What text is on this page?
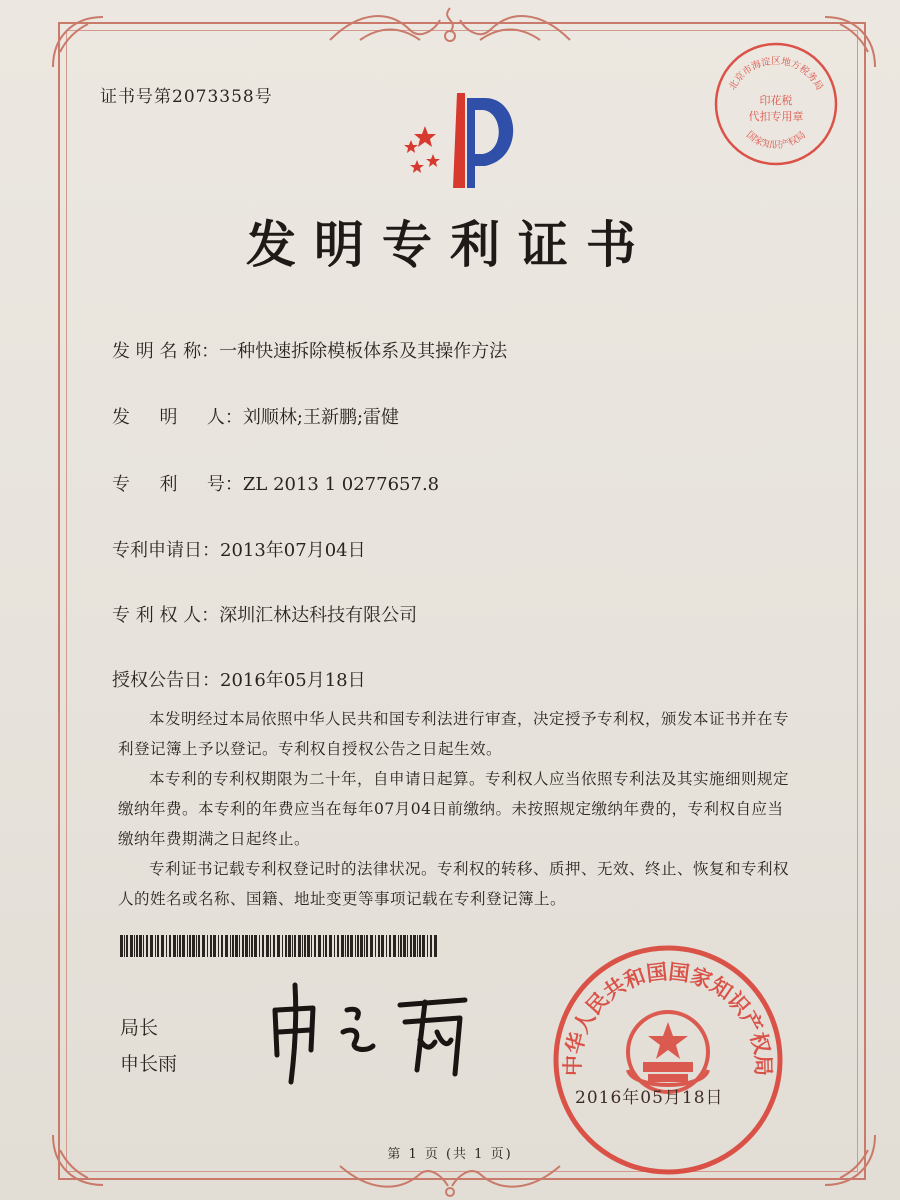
证书号第2073358号
发明专利证书
发 明 名 称：一种快速拆除模板体系及其操作方法
发 　 明 　 人：刘顺林;王新鹏;雷健
专 　 利 　 号：ZL 2013 1 0277657.8
专利申请日：2013年07月04日
专 利 权 人：深圳汇林达科技有限公司
授权公告日：2016年05月18日

本发明经过本局依照中华人民共和国专利法进行审查，决定授予专利权，颁发本证书并在专利登记簿上予以登记。专利权自授权公告之日起生效。

本专利的专利权期限为二十年，自申请日起算。专利权人应当依照专利法及其实施细则规定缴纳年费。本专利的年费应当在每年07月04日前缴纳。未按照规定缴纳年费的，专利权自应当缴纳年费期满之日起终止。

专利证书记载专利权登记时的法律状况。专利权的转移、质押、无效、终止、恢复和专利权人的姓名或名称、国籍、地址变更等事项记载在专利登记簿上。

局长
申长雨	中华人民共和国国家知识产权局
2016年05月18日
北京市海淀区地方税务局
印花税
代扣专用章
国家知识产权局
第 1 页 (共 1 页)
